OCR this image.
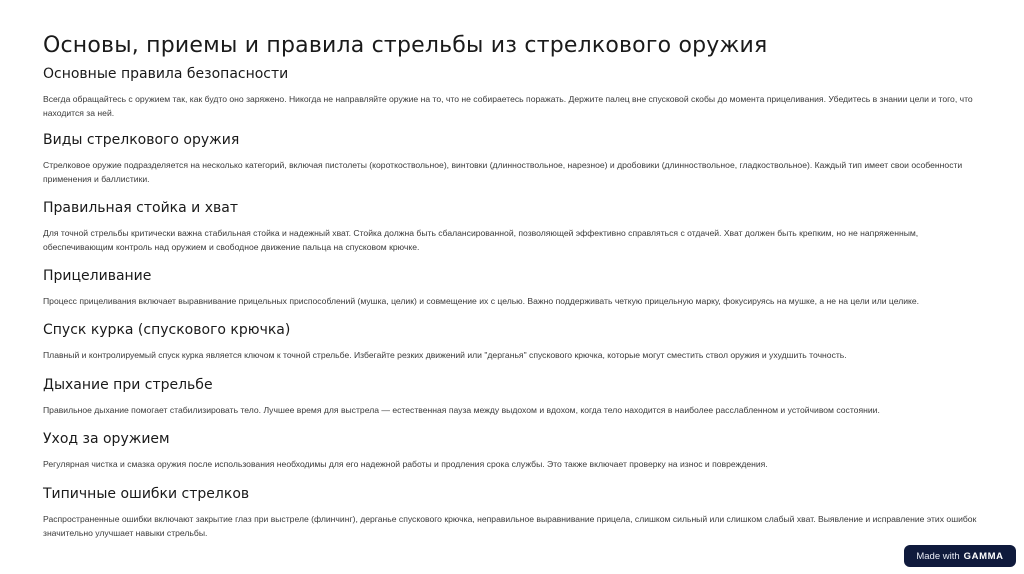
Основы, приемы и правила стрельбы из стрелкового оружия
Основные правила безопасности

Всегда обращайтесь с оружием так, как будто оно заряжено. Никогда не направляйте оружие на то, что не собираетесь поражать. Держите палец вне спусковой скобы до момента прицеливания. Убедитесь в знании цели и того, что находится за ней.

Виды стрелкового оружия

Стрелковое оружие подразделяется на несколько категорий, включая пистолеты (короткоствольное), винтовки (длинноствольное, нарезное) и дробовики (длинноствольное, гладкоствольное). Каждый тип имеет свои особенности применения и баллистики.

Правильная стойка и хват

Для точной стрельбы критически важна стабильная стойка и надежный хват. Стойка должна быть сбалансированной, позволяющей эффективно справляться с отдачей. Хват должен быть крепким, но не напряженным, обеспечивающим контроль над оружием и свободное движение пальца на спусковом крючке.

Прицеливание

Процесс прицеливания включает выравнивание прицельных приспособлений (мушка, целик) и совмещение их с целью. Важно поддерживать четкую прицельную марку, фокусируясь на мушке, а не на цели или целике.

Спуск курка (спускового крючка)

Плавный и контролируемый спуск курка является ключом к точной стрельбе. Избегайте резких движений или "дерганья" спускового крючка, которые могут сместить ствол оружия и ухудшить точность.

Дыхание при стрельбе

Правильное дыхание помогает стабилизировать тело. Лучшее время для выстрела — естественная пауза между выдохом и вдохом, когда тело находится в наиболее расслабленном и устойчивом состоянии.

Уход за оружием

Регулярная чистка и смазка оружия после использования необходимы для его надежной работы и продления срока службы. Это также включает проверку на износ и повреждения.

Типичные ошибки стрелков

Распространенные ошибки включают закрытие глаз при выстреле (флинчинг), дерганье спускового крючка, неправильное выравнивание прицела, слишком сильный или слишком слабый хват. Выявление и исправление этих ошибок значительно улучшает навыки стрельбы.

Made with GAMMA
